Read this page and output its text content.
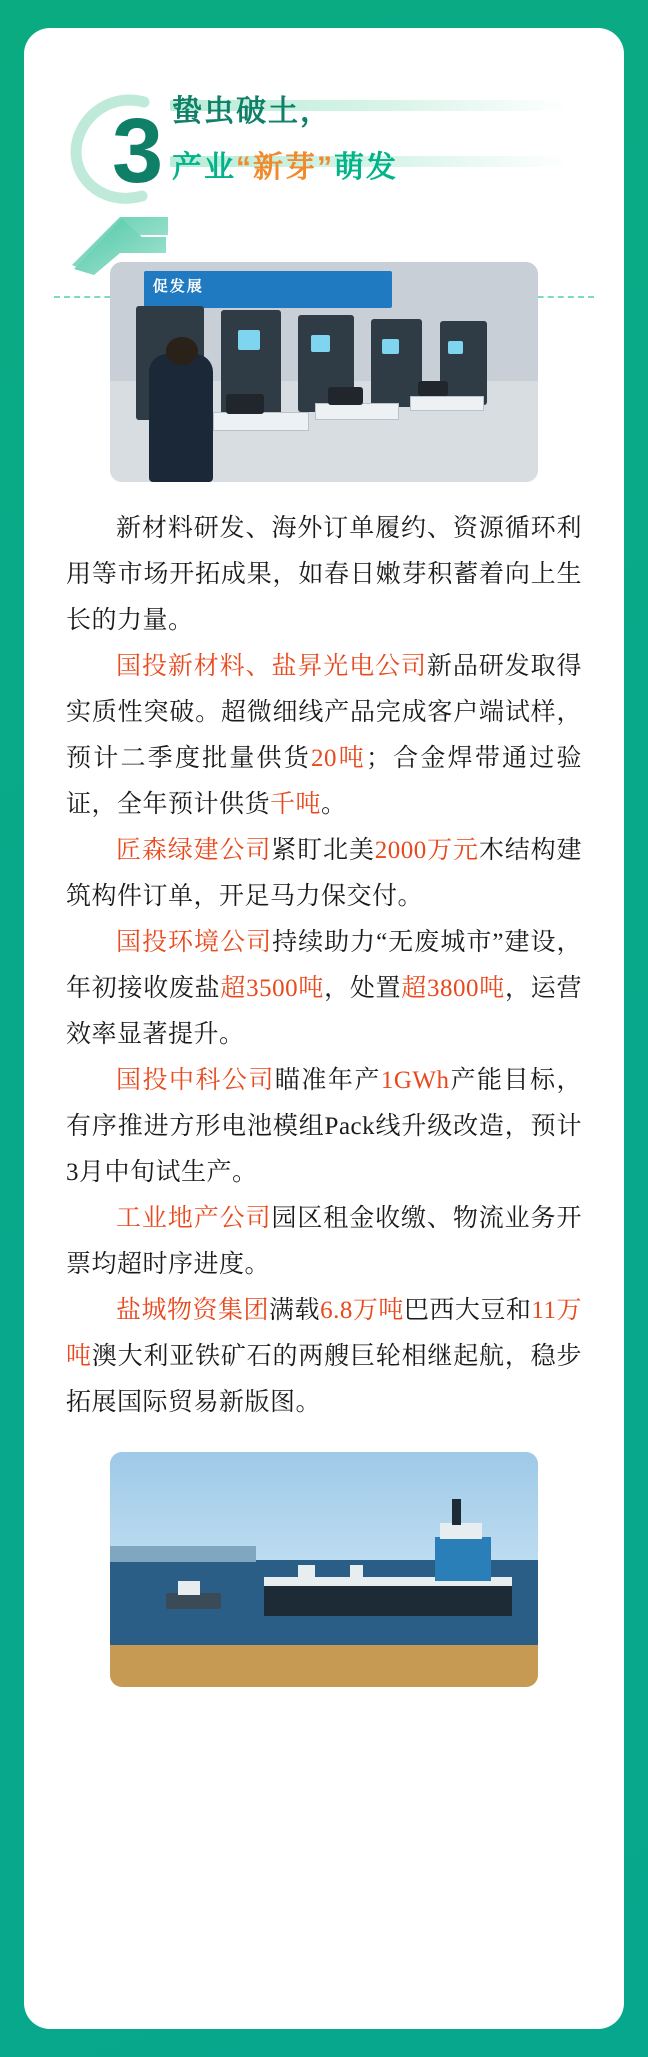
3 蛰虫破土，
产业“新芽”萌发
促发展

新材料研发、海外订单履约、资源循环利用等市场开拓成果，如春日嫩芽积蓄着向上生长的力量。

国投新材料、盐昇光电公司新品研发取得实质性突破。超微细线产品完成客户端试样，预计二季度批量供货20吨；合金焊带通过验证，全年预计供货千吨。

匠森绿建公司紧盯北美2000万元木结构建筑构件订单，开足马力保交付。

国投环境公司持续助力“无废城市”建设，年初接收废盐超3500吨，处置超3800吨，运营效率显著提升。

国投中科公司瞄准年产1GWh产能目标，有序推进方形电池模组Pack线升级改造，预计3月中旬试生产。

工业地产公司园区租金收缴、物流业务开票均超时序进度。

盐城物资集团满载6.8万吨巴西大豆和11万吨澳大利亚铁矿石的两艘巨轮相继起航，稳步拓展国际贸易新版图。
